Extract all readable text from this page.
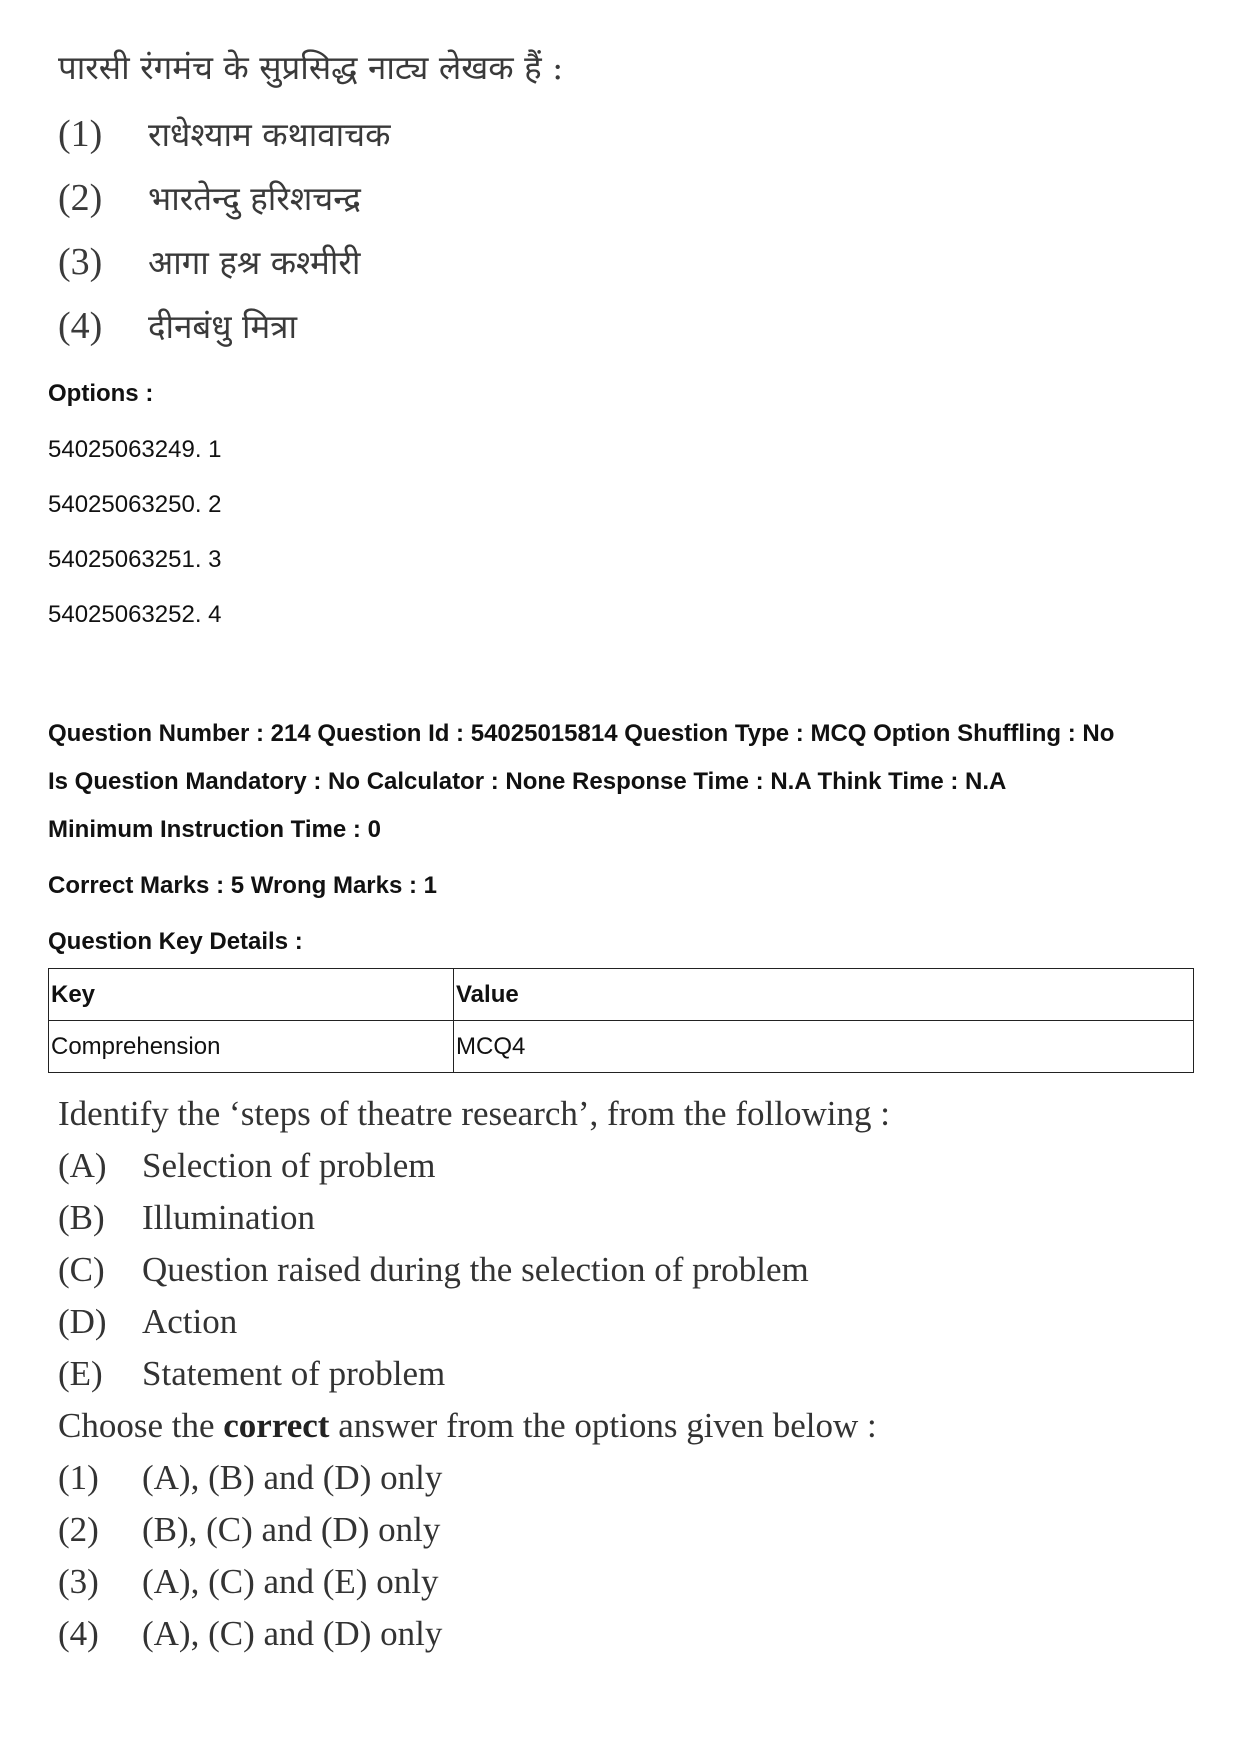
पारसी रंगमंच के सुप्रसिद्ध नाट्य लेखक हैं :
(1) राधेश्याम कथावाचक
(2) भारतेन्दु हरिशचन्द्र
(3) आगा हश्र कश्मीरी
(4) दीनबंधु मित्रा
Options :
54025063249. 1
54025063250. 2
54025063251. 3
54025063252. 4
Question Number : 214 Question Id : 54025015814 Question Type : MCQ Option Shuffling : No
Is Question Mandatory : No Calculator : None Response Time : N.A Think Time : N.A
Minimum Instruction Time : 0
Correct Marks : 5 Wrong Marks : 1
Question Key Details :
Key	Value
Comprehension	MCQ4
Identify the ‘steps of theatre research’, from the following :
(A) Selection of problem
(B) Illumination
(C) Question raised during the selection of problem
(D) Action
(E) Statement of problem
Choose the correct answer from the options given below :
(1) (A), (B) and (D) only
(2) (B), (C) and (D) only
(3) (A), (C) and (E) only
(4) (A), (C) and (D) only
